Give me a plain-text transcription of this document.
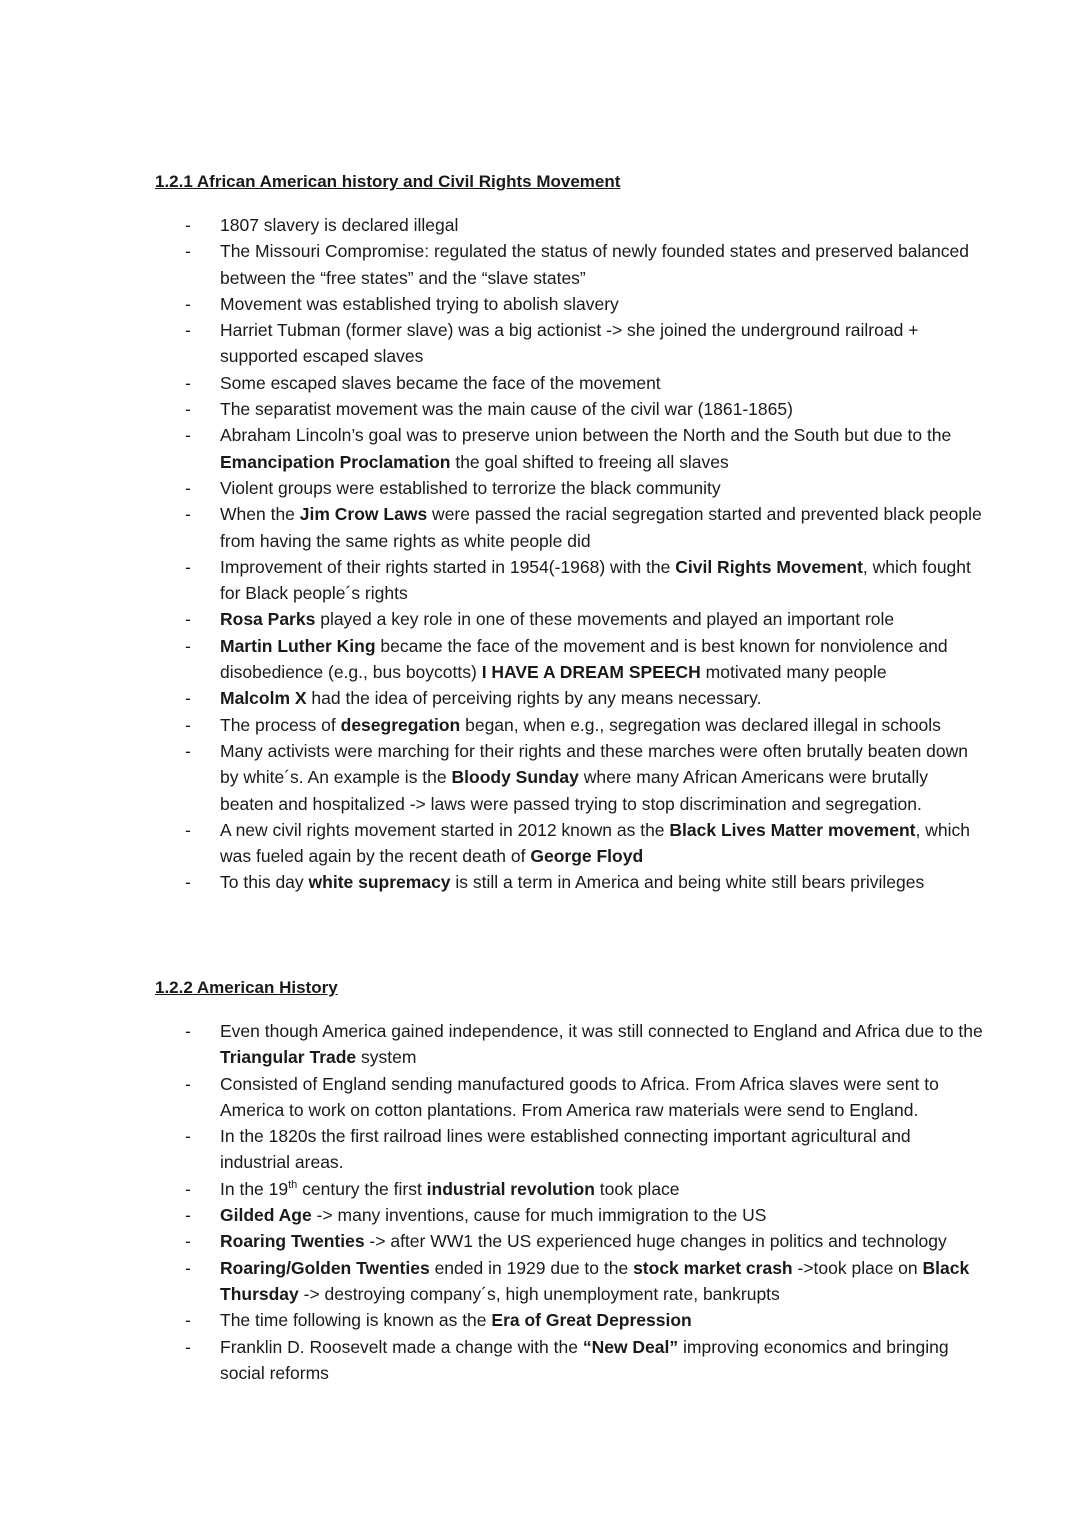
1.2.1 African American history and Civil Rights Movement
- 1807 slavery is declared illegal
- The Missouri Compromise: regulated the status of newly founded states and preserved balanced between the “free states” and the “slave states”
- Movement was established trying to abolish slavery
- Harriet Tubman (former slave) was a big actionist -> she joined the underground railroad + supported escaped slaves
- Some escaped slaves became the face of the movement
- The separatist movement was the main cause of the civil war (1861-1865)
- Abraham Lincoln’s goal was to preserve union between the North and the South but due to the Emancipation Proclamation the goal shifted to freeing all slaves
- Violent groups were established to terrorize the black community
- When the Jim Crow Laws were passed the racial segregation started and prevented black people from having the same rights as white people did
- Improvement of their rights started in 1954(-1968) with the Civil Rights Movement, which fought for Black people´s rights
- Rosa Parks played a key role in one of these movements and played an important role
- Martin Luther King became the face of the movement and is best known for nonviolence and disobedience (e.g., bus boycotts) I HAVE A DREAM SPEECH motivated many people
- Malcolm X had the idea of perceiving rights by any means necessary.
- The process of desegregation began, when e.g., segregation was declared illegal in schools
- Many activists were marching for their rights and these marches were often brutally beaten down by white´s. An example is the Bloody Sunday where many African Americans were brutally beaten and hospitalized -> laws were passed trying to stop discrimination and segregation.
- A new civil rights movement started in 2012 known as the Black Lives Matter movement, which was fueled again by the recent death of George Floyd
- To this day white supremacy is still a term in America and being white still bears privileges
1.2.2 American History
- Even though America gained independence, it was still connected to England and Africa due to the Triangular Trade system
- Consisted of England sending manufactured goods to Africa. From Africa slaves were sent to America to work on cotton plantations. From America raw materials were send to England.
- In the 1820s the first railroad lines were established connecting important agricultural and industrial areas.
- In the 19th century the first industrial revolution took place
- Gilded Age -> many inventions, cause for much immigration to the US
- Roaring Twenties -> after WW1 the US experienced huge changes in politics and technology
- Roaring/Golden Twenties ended in 1929 due to the stock market crash ->took place on Black Thursday -> destroying company´s, high unemployment rate, bankrupts
- The time following is known as the Era of Great Depression
- Franklin D. Roosevelt made a change with the “New Deal” improving economics and bringing social reforms
